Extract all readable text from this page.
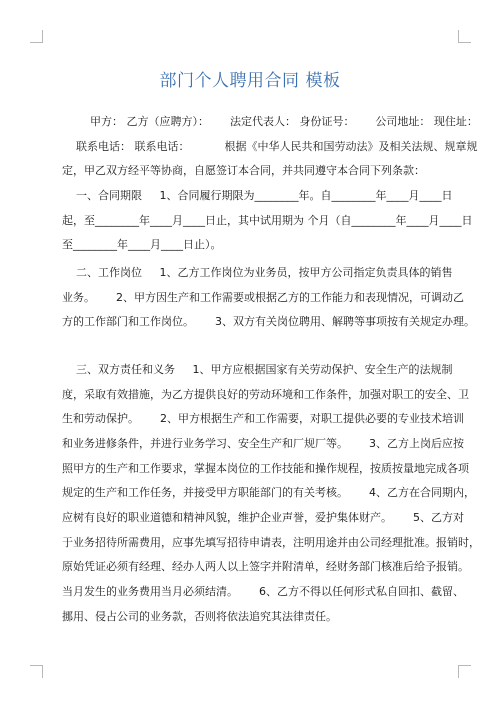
部门个人聘用合同 模板
甲方： 乙方（应聘方）：      法定代表人： 身份证号：      公司地址： 现住址：
联系电话： 联系电话：          根据《中华人民共和国劳动法》及相关法规、规章规
定，甲乙双方经平等协商，自愿签订本合同，并共同遵守本合同下列条款：
一、合同期限     1、合同履行期限为________年。自________年____月____日
起，至________年____月____日止，其中试用期为 个月（自________年____月____日
至________年____月____日止）。
二、工作岗位     1、乙方工作岗位为业务员，按甲方公司指定负责具体的销售
业务。      2、甲方因生产和工作需要或根据乙方的工作能力和表现情况，可调动乙
方的工作部门和工作岗位。      3、双方有关岗位聘用、解聘等事项按有关规定办理。
三、双方责任和义务     1、甲方应根据国家有关劳动保护、安全生产的法规制
度，采取有效措施，为乙方提供良好的劳动环境和工作条件，加强对职工的安全、卫
生和劳动保护。      2、甲方根据生产和工作需要，对职工提供必要的专业技术培训
和业务进修条件，并进行业务学习、安全生产和厂规厂等。      3、乙方上岗后应按
照甲方的生产和工作要求，掌握本岗位的工作技能和操作规程，按质按量地完成各项
规定的生产和工作任务，并接受甲方职能部门的有关考核。      4、乙方在合同期内，
应树有良好的职业道德和精神风貌，维护企业声誉，爱护集体财产。      5、乙方对
于业务招待所需费用，应事先填写招待申请表，注明用途并由公司经理批准。报销时，
原始凭证必须有经理、经办人两人以上签字并附清单，经财务部门核准后给予报销。
当月发生的业务费用当月必须结清。      6、乙方不得以任何形式私自回扣、截留、
挪用、侵占公司的业务款，否则将依法追究其法律责任。
